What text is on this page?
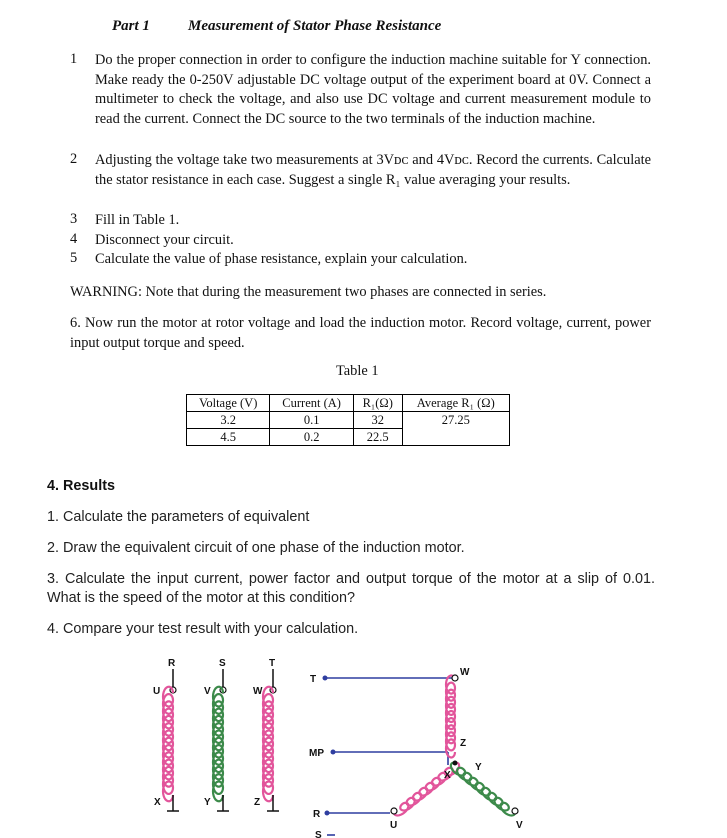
Part 1	Measurement of Stator Phase Resistance
1 Do the proper connection in order to configure the induction machine suitable for Y connection. Make ready the 0-250V adjustable DC voltage output of the experiment board at 0V. Connect a multimeter to check the voltage, and also use DC voltage and current measurement module to read the current. Connect the DC source to the two terminals of the induction machine.
2 Adjusting the voltage take two measurements at 3Vᴅᴄ and 4Vᴅᴄ. Record the currents. Calculate the stator resistance in each case. Suggest a single R₁ value averaging your results.
3 Fill in Table 1.
4 Disconnect your circuit.
5 Calculate the value of phase resistance, explain your calculation.
WARNING: Note that during the measurement two phases are connected in series.
6. Now run the motor at rotor voltage and load the induction motor. Record voltage, current, power input output torque and speed.
Table 1
Voltage (V)	Current (A)	R₁(Ω)	Average R₁ (Ω)
3.2	0.1	32	27.25
4.5	0.2	22.5	
4. Results
1. Calculate the parameters of equivalent
2. Draw the equivalent circuit of one phase of the induction motor.
3. Calculate the input current, power factor and output torque of the motor at a slip of 0.01. What is the speed of the motor at this condition?
4. Compare your test result with your calculation.
R
U
X
S
V
Y
T
W
Z
T
MP
R
S
W
Z
X
Y
U	V
